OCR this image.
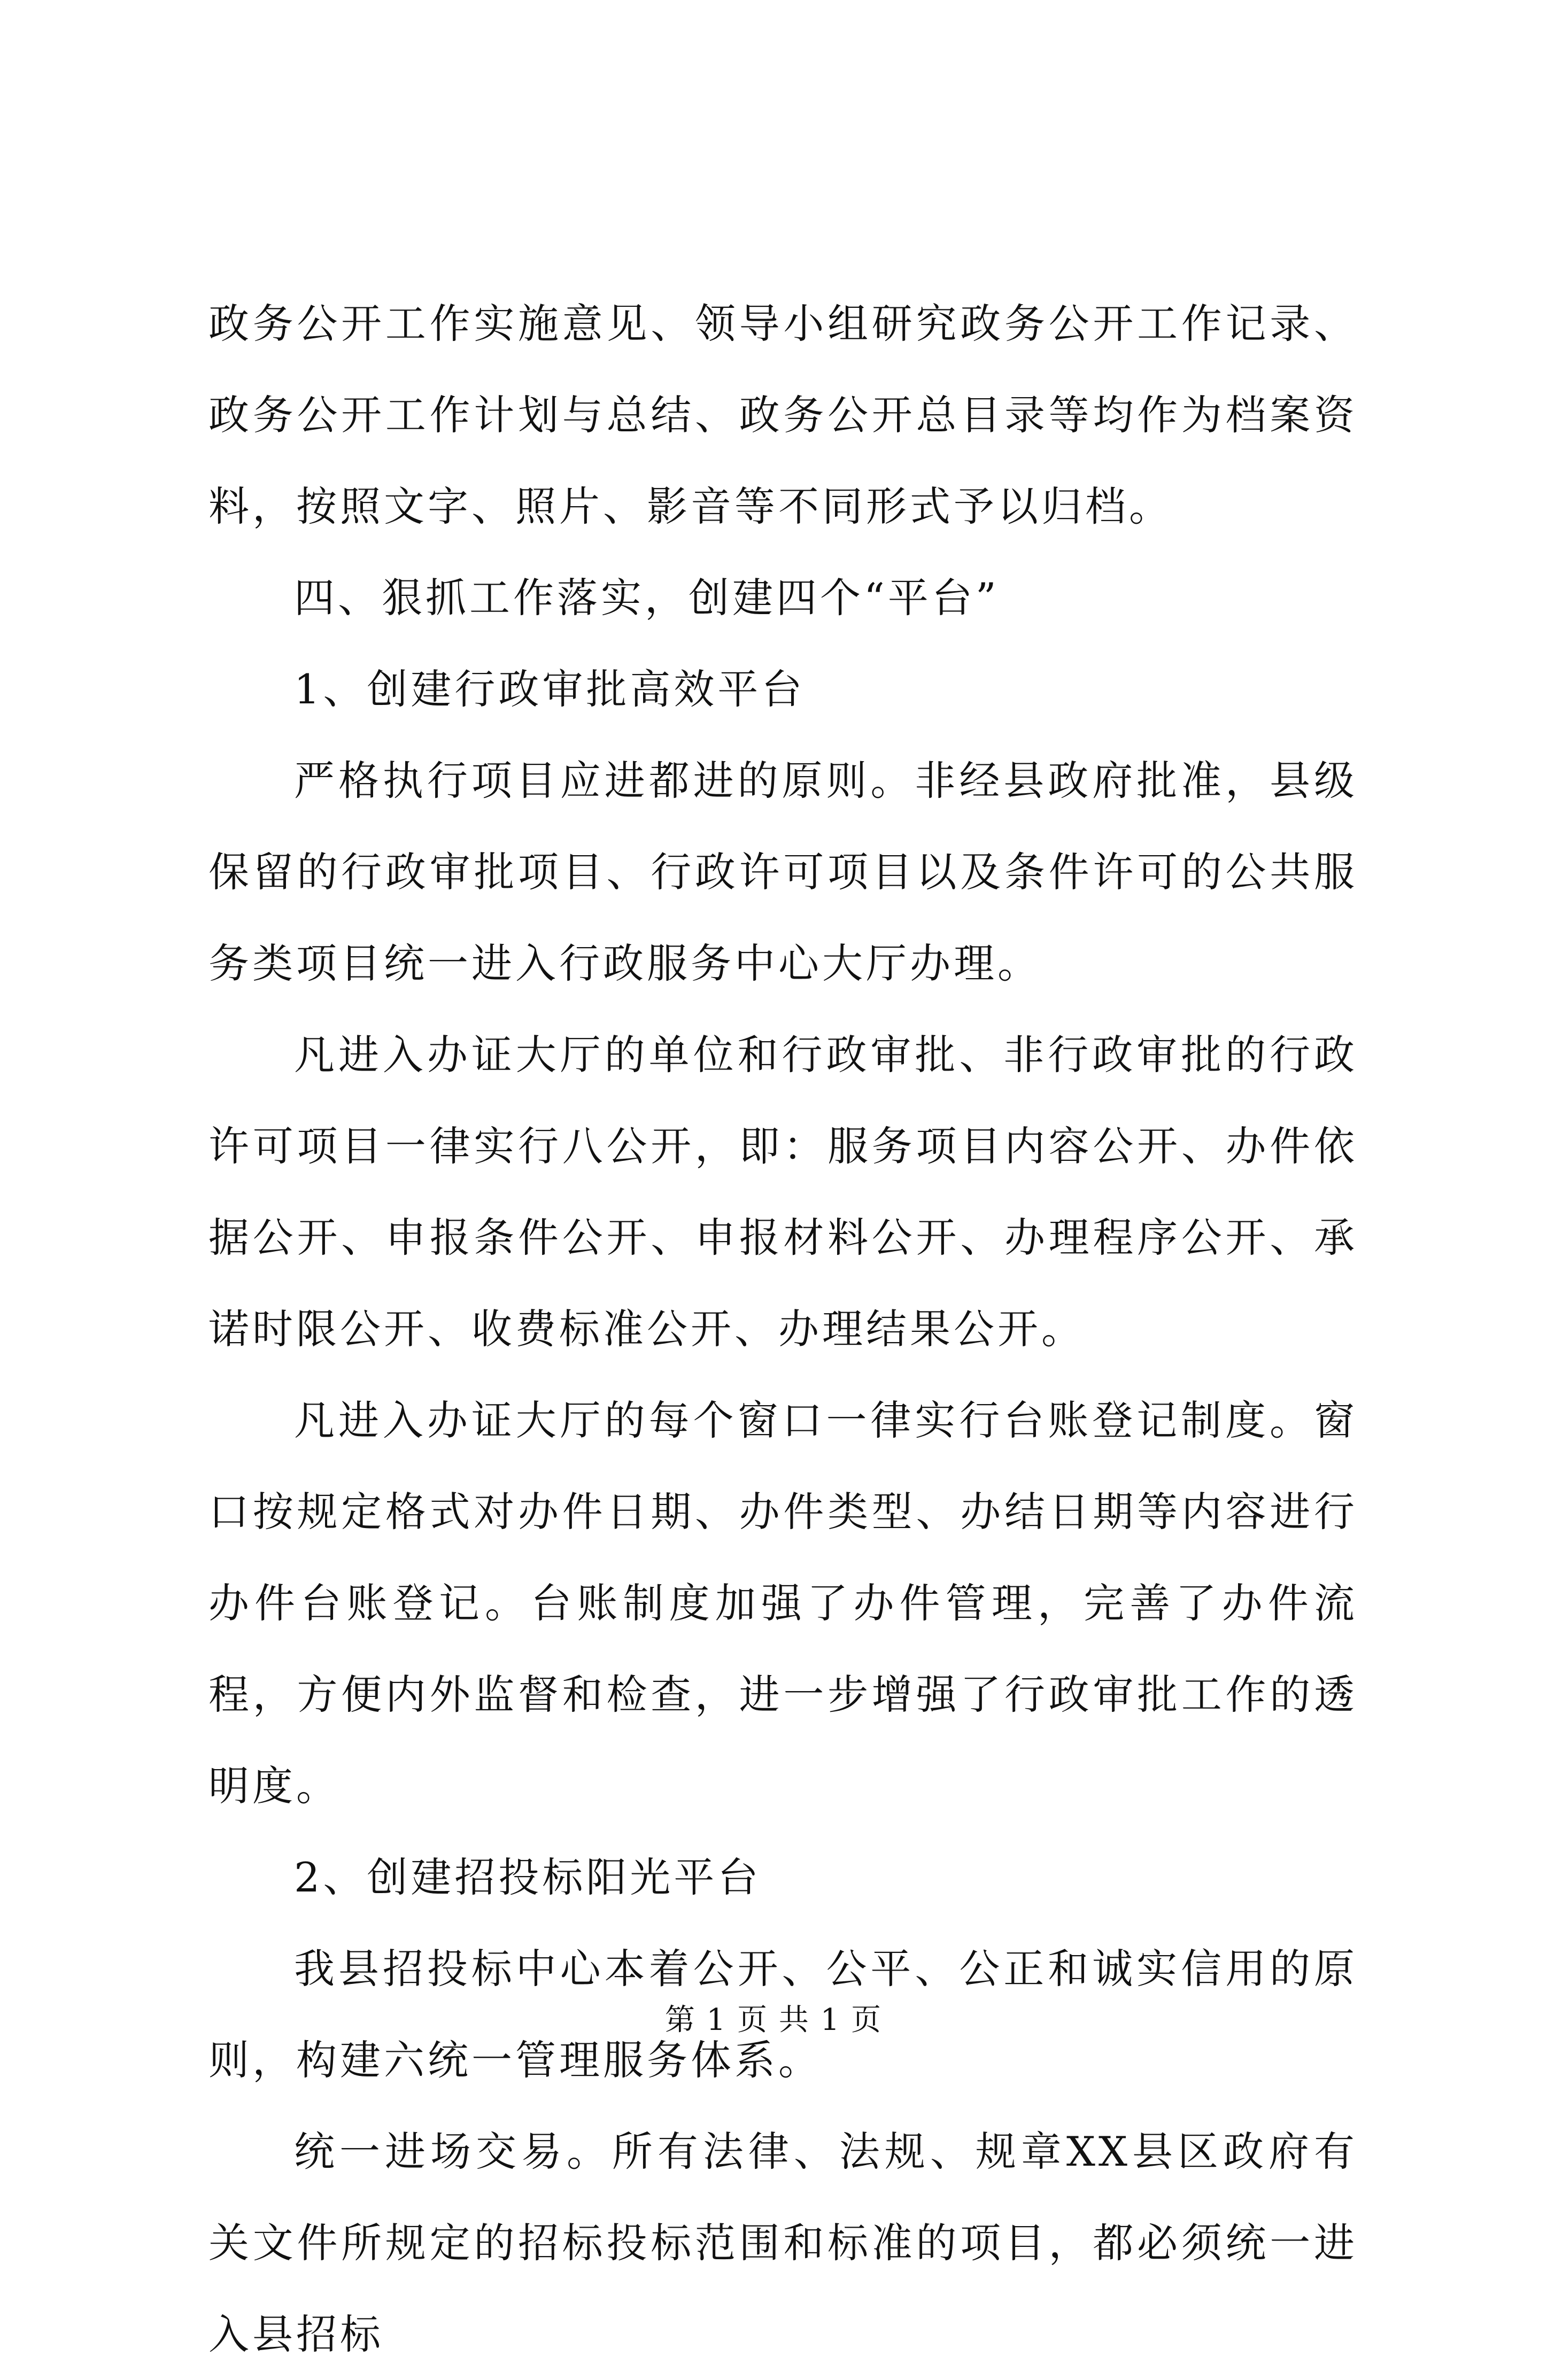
政务公开工作实施意见、领导小组研究政务公开工作记录、政务公开工作计划与总结、政务公开总目录等均作为档案资料，按照文字、照片、影音等不同形式予以归档。

四、狠抓工作落实，创建四个“平台”

1、创建行政审批高效平台

严格执行项目应进都进的原则。非经县政府批准，县级保留的行政审批项目、行政许可项目以及条件许可的公共服务类项目统一进入行政服务中心大厅办理。

凡进入办证大厅的单位和行政审批、非行政审批的行政许可项目一律实行八公开，即：服务项目内容公开、办件依据公开、申报条件公开、申报材料公开、办理程序公开、承诺时限公开、收费标准公开、办理结果公开。

凡进入办证大厅的每个窗口一律实行台账登记制度。窗口按规定格式对办件日期、办件类型、办结日期等内容进行办件台账登记。台账制度加强了办件管理，完善了办件流程，方便内外监督和检查，进一步增强了行政审批工作的透明度。

2、创建招投标阳光平台

我县招投标中心本着公开、公平、公正和诚实信用的原则，构建六统一管理服务体系。

统一进场交易。所有法律、法规、规章XX县区政府有关文件所规定的招标投标范围和标准的项目，都必须统一进入县招标

第 1 页 共 1 页
